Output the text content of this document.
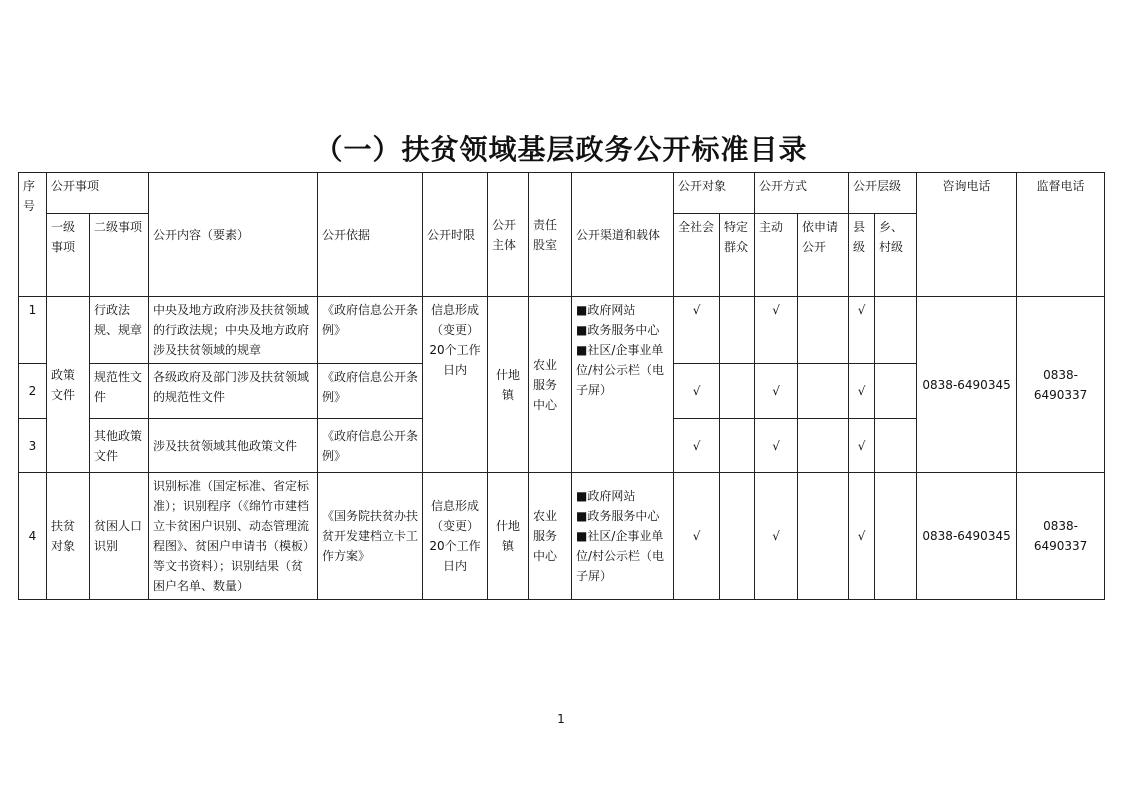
（一）扶贫领域基层政务公开标准目录
序号	公开事项		公开内容（要素）	公开依据	公开时限	公开主体	责任股室	公开渠道和载体	公开对象		公开方式		公开层级		咨询电话	监督电话
	一级事项	二级事项							全社会	特定群众	主动	依申请公开	县级	乡、村级		
1	政策文件	行政法规、规章	中央及地方政府涉及扶贫领域的行政法规；中央及地方政府涉及扶贫领域的规章	《政府信息公开条例》	信息形成（变更）20个工作日内	什地镇	农业服务中心	■政府网站
■政务服务中心
■社区/企事业单位/村公示栏（电子屏）	√		√		√		0838-6490345	0838-6490337
2		规范性文件	各级政府及部门涉及扶贫领域的规范性文件	《政府信息公开条例》					√		√		√			
3		其他政策文件	涉及扶贫领域其他政策文件	《政府信息公开条例》					√		√		√			
4	扶贫对象	贫困人口识别	识别标准（国定标准、省定标准）；识别程序（《绵竹市建档立卡贫困户识别、动态管理流程图》、贫困户申请书（模板）等文书资料）；识别结果（贫困户名单、数量）	《国务院扶贫办扶贫开发建档立卡工作方案》	信息形成（变更）20个工作日内	什地镇	农业服务中心	■政府网站
■政务服务中心
■社区/企事业单位/村公示栏（电子屏）	√		√		√		0838-6490345	0838-6490337
1
